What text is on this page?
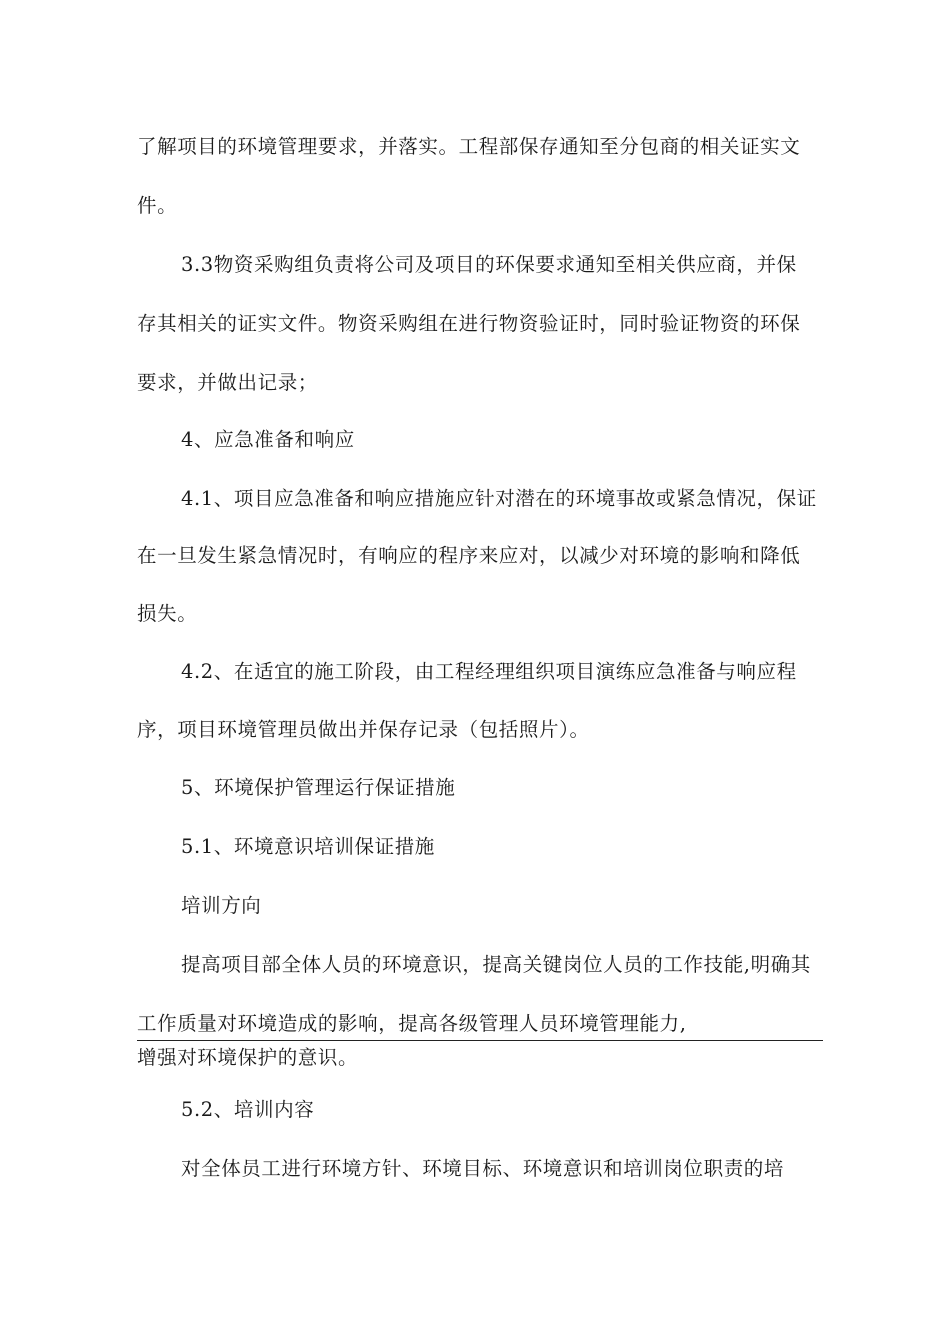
了解项目的环境管理要求，并落实。工程部保存通知至分包商的相关证实文
件。
3.3物资采购组负责将公司及项目的环保要求通知至相关供应商，并保
存其相关的证实文件。物资采购组在进行物资验证时，同时验证物资的环保
要求，并做出记录；
4、应急准备和响应
4.1、项目应急准备和响应措施应针对潜在的环境事故或紧急情况，保证
在一旦发生紧急情况时，有响应的程序来应对，以减少对环境的影响和降低
损失。
4.2、在适宜的施工阶段，由工程经理组织项目演练应急准备与响应程
序，项目环境管理员做出并保存记录（包括照片）。
5、环境保护管理运行保证措施
5.1、环境意识培训保证措施
培训方向
提高项目部全体人员的环境意识，提高关键岗位人员的工作技能,明确其
工作质量对环境造成的影响，提高各级管理人员环境管理能力,
增强对环境保护的意识。
5.2、培训内容
对全体员工进行环境方针、环境目标、环境意识和培训岗位职责的培
